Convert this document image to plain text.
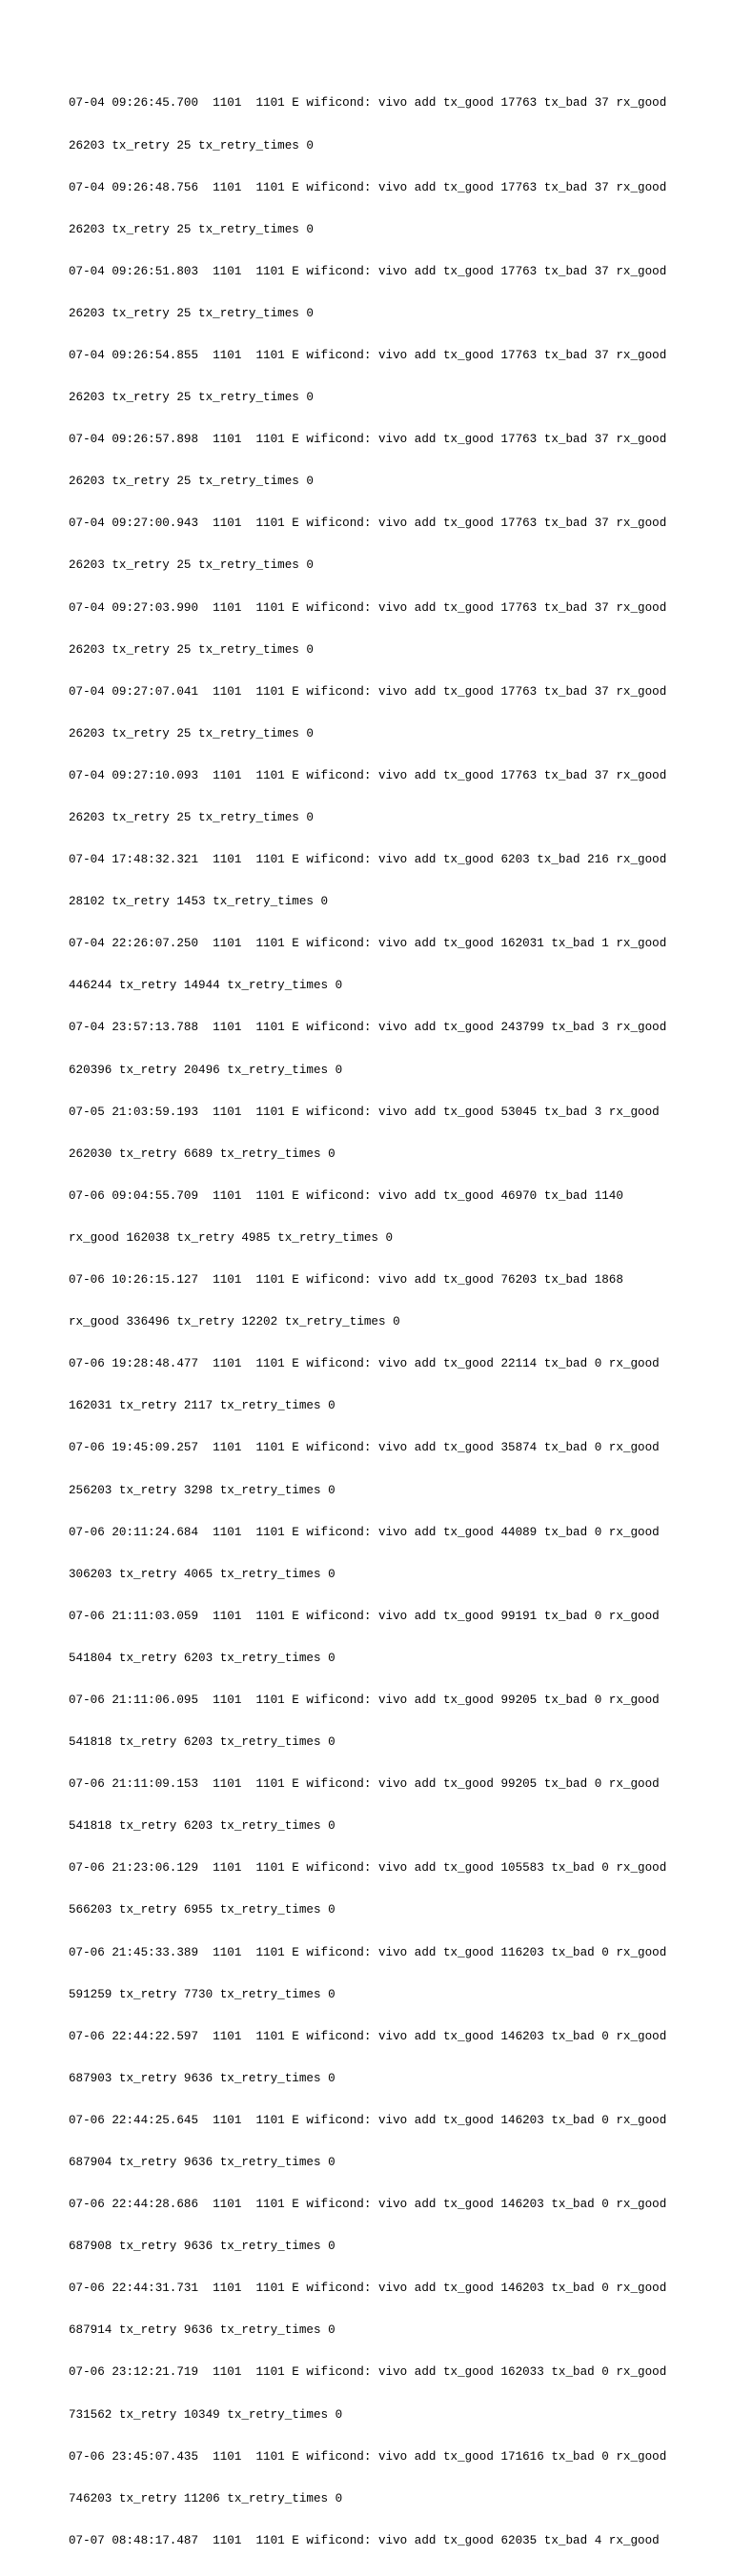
07-04 09:26:45.700  1101  1101 E wificond: vivo add tx_good 17763 tx_bad 37 rx_good

26203 tx_retry 25 tx_retry_times 0

07-04 09:26:48.756  1101  1101 E wificond: vivo add tx_good 17763 tx_bad 37 rx_good

26203 tx_retry 25 tx_retry_times 0

07-04 09:26:51.803  1101  1101 E wificond: vivo add tx_good 17763 tx_bad 37 rx_good

26203 tx_retry 25 tx_retry_times 0

07-04 09:26:54.855  1101  1101 E wificond: vivo add tx_good 17763 tx_bad 37 rx_good

26203 tx_retry 25 tx_retry_times 0

07-04 09:26:57.898  1101  1101 E wificond: vivo add tx_good 17763 tx_bad 37 rx_good

26203 tx_retry 25 tx_retry_times 0

07-04 09:27:00.943  1101  1101 E wificond: vivo add tx_good 17763 tx_bad 37 rx_good

26203 tx_retry 25 tx_retry_times 0

07-04 09:27:03.990  1101  1101 E wificond: vivo add tx_good 17763 tx_bad 37 rx_good

26203 tx_retry 25 tx_retry_times 0

07-04 09:27:07.041  1101  1101 E wificond: vivo add tx_good 17763 tx_bad 37 rx_good

26203 tx_retry 25 tx_retry_times 0

07-04 09:27:10.093  1101  1101 E wificond: vivo add tx_good 17763 tx_bad 37 rx_good

26203 tx_retry 25 tx_retry_times 0

07-04 17:48:32.321  1101  1101 E wificond: vivo add tx_good 6203 tx_bad 216 rx_good

28102 tx_retry 1453 tx_retry_times 0

07-04 22:26:07.250  1101  1101 E wificond: vivo add tx_good 162031 tx_bad 1 rx_good

446244 tx_retry 14944 tx_retry_times 0

07-04 23:57:13.788  1101  1101 E wificond: vivo add tx_good 243799 tx_bad 3 rx_good

620396 tx_retry 20496 tx_retry_times 0

07-05 21:03:59.193  1101  1101 E wificond: vivo add tx_good 53045 tx_bad 3 rx_good

262030 tx_retry 6689 tx_retry_times 0

07-06 09:04:55.709  1101  1101 E wificond: vivo add tx_good 46970 tx_bad 1140

rx_good 162038 tx_retry 4985 tx_retry_times 0

07-06 10:26:15.127  1101  1101 E wificond: vivo add tx_good 76203 tx_bad 1868

rx_good 336496 tx_retry 12202 tx_retry_times 0

07-06 19:28:48.477  1101  1101 E wificond: vivo add tx_good 22114 tx_bad 0 rx_good

162031 tx_retry 2117 tx_retry_times 0

07-06 19:45:09.257  1101  1101 E wificond: vivo add tx_good 35874 tx_bad 0 rx_good

256203 tx_retry 3298 tx_retry_times 0

07-06 20:11:24.684  1101  1101 E wificond: vivo add tx_good 44089 tx_bad 0 rx_good

306203 tx_retry 4065 tx_retry_times 0

07-06 21:11:03.059  1101  1101 E wificond: vivo add tx_good 99191 tx_bad 0 rx_good

541804 tx_retry 6203 tx_retry_times 0

07-06 21:11:06.095  1101  1101 E wificond: vivo add tx_good 99205 tx_bad 0 rx_good

541818 tx_retry 6203 tx_retry_times 0

07-06 21:11:09.153  1101  1101 E wificond: vivo add tx_good 99205 tx_bad 0 rx_good

541818 tx_retry 6203 tx_retry_times 0

07-06 21:23:06.129  1101  1101 E wificond: vivo add tx_good 105583 tx_bad 0 rx_good

566203 tx_retry 6955 tx_retry_times 0

07-06 21:45:33.389  1101  1101 E wificond: vivo add tx_good 116203 tx_bad 0 rx_good

591259 tx_retry 7730 tx_retry_times 0

07-06 22:44:22.597  1101  1101 E wificond: vivo add tx_good 146203 tx_bad 0 rx_good

687903 tx_retry 9636 tx_retry_times 0

07-06 22:44:25.645  1101  1101 E wificond: vivo add tx_good 146203 tx_bad 0 rx_good

687904 tx_retry 9636 tx_retry_times 0

07-06 22:44:28.686  1101  1101 E wificond: vivo add tx_good 146203 tx_bad 0 rx_good

687908 tx_retry 9636 tx_retry_times 0

07-06 22:44:31.731  1101  1101 E wificond: vivo add tx_good 146203 tx_bad 0 rx_good

687914 tx_retry 9636 tx_retry_times 0

07-06 23:12:21.719  1101  1101 E wificond: vivo add tx_good 162033 tx_bad 0 rx_good

731562 tx_retry 10349 tx_retry_times 0

07-06 23:45:07.435  1101  1101 E wificond: vivo add tx_good 171616 tx_bad 0 rx_good

746203 tx_retry 11206 tx_retry_times 0

07-07 08:48:17.487  1101  1101 E wificond: vivo add tx_good 62035 tx_bad 4 rx_good
